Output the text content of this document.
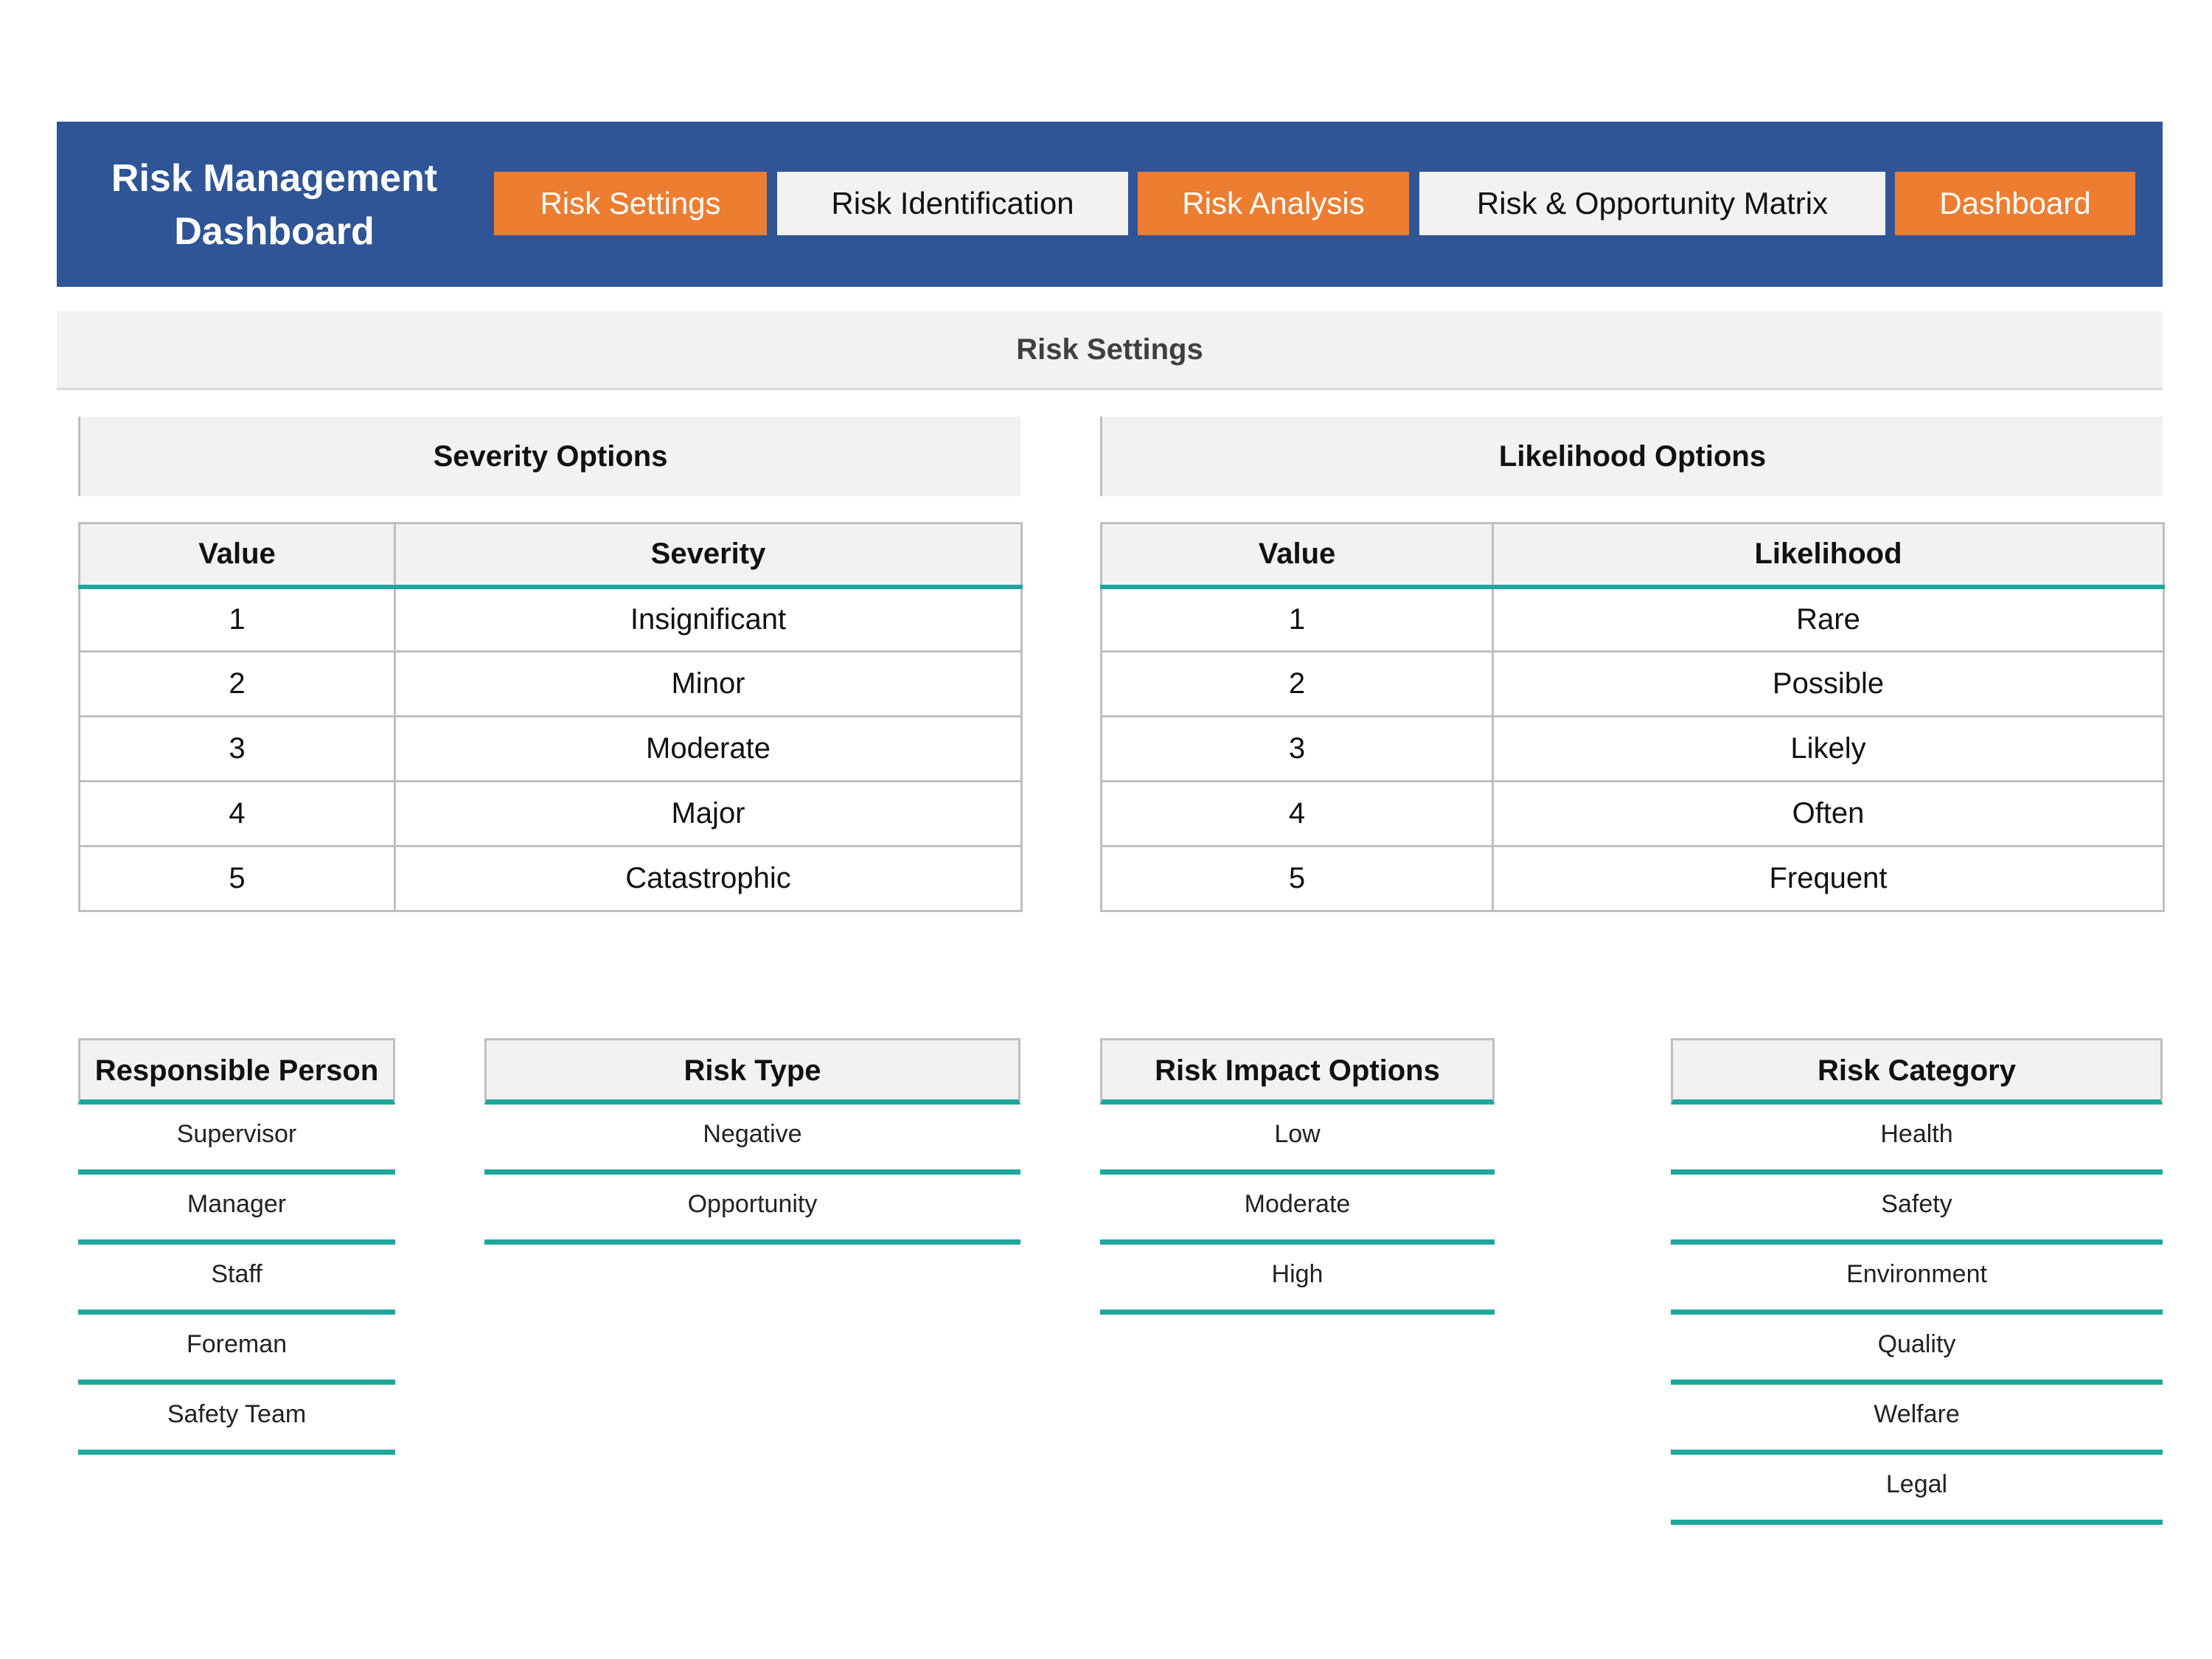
Risk Management Dashboard
Risk Settings	Risk Identification	Risk Analysis	Risk & Opportunity Matrix	Dashboard
Risk Settings
Severity Options
Value	Severity
1	Insignificant
2	Minor
3	Moderate
4	Major
5	Catastrophic
Likelihood Options
Value	Likelihood
1	Rare
2	Possible
3	Likely
4	Often
5	Frequent
Responsible Person
Supervisor
Manager
Staff
Foreman
Safety Team
Risk Type
Negative
Opportunity
Risk Impact Options
Low
Moderate
High
Risk Category
Health
Safety
Environment
Quality
Welfare
Legal
